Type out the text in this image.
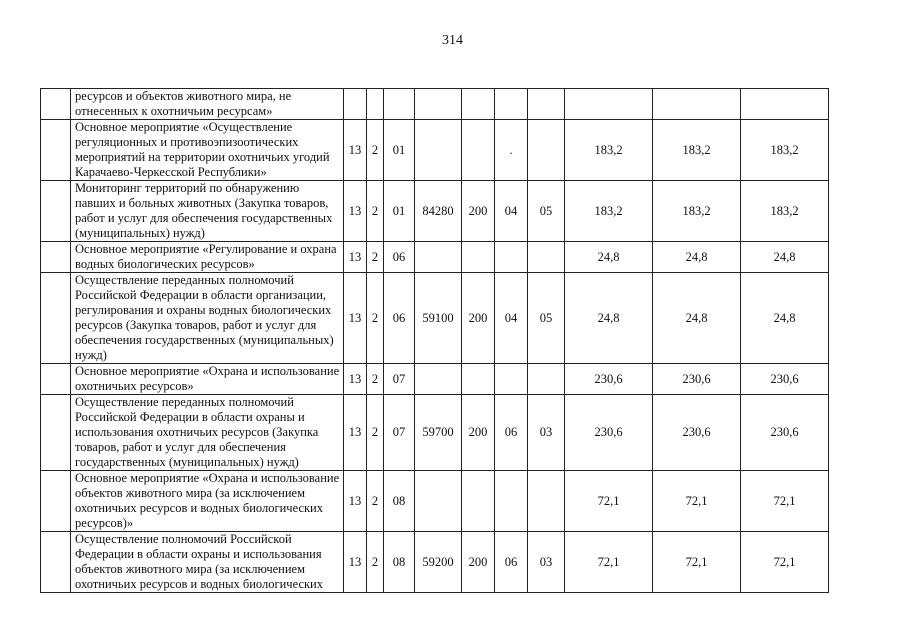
314
	ресурсов и объектов животного мира, не отнесенных к охотничьим ресурсам»										
	Основное мероприятие «Осуществление регуляционных и противоэпизоотических мероприятий на территории охотничьих угодий Карачаево-Черкесской Республики»	13	2	01			.		183,2	183,2	183,2
	Мониторинг территорий по обнаружению павших и больных животных (Закупка товаров, работ и услуг для обеспечения государственных (муниципальных) нужд)	13	2	01	84280	200	04	05	183,2	183,2	183,2
	Основное мероприятие «Регулирование и охрана водных биологических ресурсов»	13	2	06					24,8	24,8	24,8
	Осуществление переданных полномочий Российской Федерации в области организации, регулирования и охраны водных биологических ресурсов (Закупка товаров, работ и услуг для обеспечения государственных (муниципальных) нужд)	13	2	06	59100	200	04	05	24,8	24,8	24,8
	Основное мероприятие «Охрана и использование охотничьих ресурсов»	13	2	07					230,6	230,6	230,6
	Осуществление переданных полномочий Российской Федерации в области охраны и использования охотничьих ресурсов (Закупка товаров, работ и услуг для обеспечения государственных (муниципальных) нужд)	13	2	07	59700	200	06	03	230,6	230,6	230,6
	Основное мероприятие «Охрана и использование объектов животного мира (за исключением охотничьих ресурсов и водных биологических ресурсов)»	13	2	08					72,1	72,1	72,1
	Осуществление полномочий Российской Федерации в области охраны и использования объектов животного мира (за исключением охотничьих ресурсов и водных биологических	13	2	08	59200	200	06	03	72,1	72,1	72,1
